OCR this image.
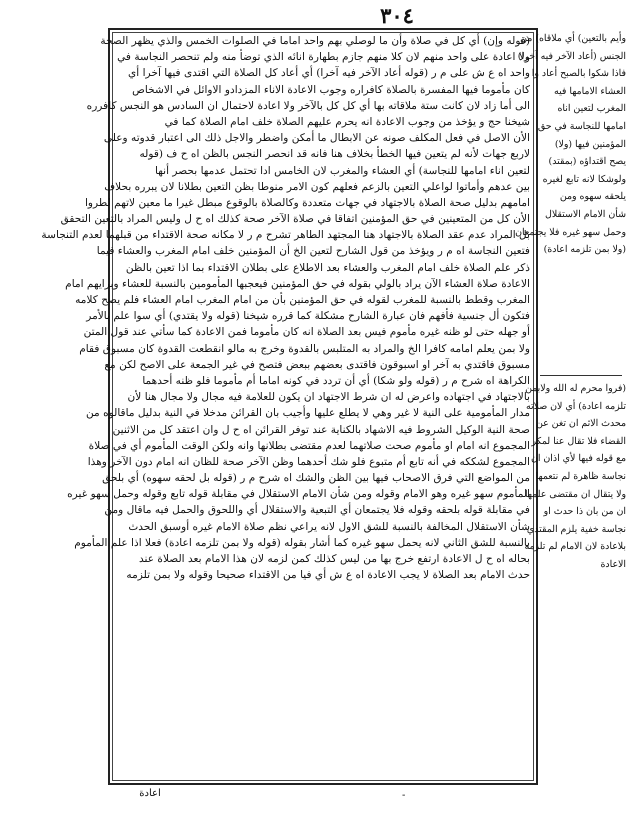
٣٠٤

(قوله وإن) أي كل في صلاة وأن ما لوصلي بهم واحد اماما في الصلوات الخمس والذي يظهر الصحة

ولا اعادة على واحد منهم لان كلا منهم جازم بطهارة انائه الذي توضأ منه ولم تنحصر النجاسة في

واحد اه ع ش على م ر (قوله أعاد الآخر فيه آخرا) أي أعاد كل الصلاة التي اقتدى فيها آخرا أي

كان مأموما فيها المفسرة بالصلاة كافراره وجوب الاعادة الاناء المزدادو الاوائل في الاشخاص

الى أما زاد لان كانت ستة ملاقاته بها أي كل كل بالآخر ولا اعادة لاحتمال ان السادس هو النجس كافرره

شيخنا حج و يؤخذ من وجوب الاعادة انه يحرم عليهم الصلاة خلف امام الصلاة كما في

الأن الاصل في فعل المكلف صونه عن الابطال ما أمكن واضطر والاجل ذلك الى اعتبار قدوته وعلى

لاربع جهات لأنه لم يتعين فيها الخطأ بخلاف هنا فانه قد انحصر النجس بالظن اه ح ف (قوله

لتعين اناء امامها للنجاسة) أي العشاء والمغرب لان الخامس ادا تحتمل عدمها بحصر أنها

بين عدهم وأماتوا لواعلي التعين بالزعم فعلهم كون الامر منوطا بظن التعين بطلانا لان يبرره بحلاف

امامهم بدليل صحة الصلاة بالاجتهاد في جهات متعددة وكالصلاة بالوقوع مبطل غيرا ما معين لاتهم لطروا

الأن كل من المتعينين في حق المؤمنين اتفاقا في صلاة الآخر صحة كذلك اه ح ل وليس المراد بالتعين التحقق

بل المراد عدم عقد الصلاة بالاجتهاد هنا المجتهد الطاهر تشرح م ر لا مكانه صحة الاقتداء من قبلهما لعدم التنجاسة

فتعين النجاسة اه م ر ويؤخذ من قول الشارح لتعين الخ أن المؤمنين خلف امام المغرب والعشاء فيما

ذكر علم الصلاة خلف امام المغرب والعشاء بعد الاطلاع على بطلان الاقتداء بما اذا تعين بالظن

الاعادة صلاة العشاء الآن يراد بالولي بقوله في حق المؤمنين فيعجبها المأمومين بالنسبة للعشاء وبرايهم امام

المغرب وقطط بالنسبة للمغرب لقوله في حق المؤمنين بأن من امام المغرب امام العشاء فلم يصح كلامه

فتكون أل جنسية فأفهم فان عبارة الشارح مشكلة كما قرره شيخنا (قوله ولا يقتدي) أي سوا علم بالأمر

أو جهله حتى لو ظنه غيره مأموم فيس بعد الصلاة انه كان مأموما فمن الاعادة كما سأتي عند قول المتن

ولا بمن يعلم امامه كافرا الخ والمراد به المتلبس بالقدوة وخرج به مالو انقطعت القدوة كان مسبوق فقام

مسبوق فاقتدي به آخر او اسبوقون فاقتدى بعضهم ببعض فتصح في غير الجمعة على الاصح لكن مع

الكراهة اه شرح م ر (قوله ولو شكا) أي أن تردد في كونه اماما أم مأموما فلو ظنه أحدهما

بالاجتهاد في اجتهاده واعرض له ان شرط الاجتهاد ان يكون للعلامة فيه مجال ولا مجال هنا لأن

مدار المأمومية على النية لا غير وهي لا يطلع عليها وأجيب بان القرائن مدخلا في النية بدليل ماقالوه من

صحة النية الوكيل الشروط فيه الاشهاد بالكناية عند توفر القرائن اه ح ل وان اعتقد كل من الاثنين

المجموع انه امام او مأموم صحت صلاتهما لعدم مقتضى بطلانها وانه ولكن الوقت المأموم أي في صلاة

المجموع لشككه في أنه تابع أم متبوع فلو شك أحدهما وظن الآخر صحة للظان انه امام دون الآخر وهذا

من المواضع التي فرق الاصحاب فيها بين الظن والشك اه شرح م ر (قوله بل لحقه سهوه) أي بلحق

المأموم سهو غيره وهو الامام وقوله ومن شأن الامام الاستقلال في مقابلة قوله تابع وقوله وحمل سهو غيره

في مقابلة قوله بلحقه وقوله فلا يجتمعان أي التبعية والاستقلال أي واللحوق والحمل فيه ماقال ومن

شأن الاستقلال المخالفة بالنسبة للشق الاول لانه يراعي نظم صلاة الامام غيره أوسبق الحدث

بالنسبة للشق الثاني لانه يحمل سهو غيره كما أشار بقوله (قوله ولا بمن تلزمه اعادة) فعلا اذا علم المأموم

بحاله اه ح ل الاعادة ارتفع خرج بها من ليس كذلك كمن لزمه لان هذا الامام بعد الصلاة عند

حدث الامام بعد الصلاة لا يجب الاعادة اه ع ش أي فيا من الاقتداء صحيحا وقوله ولا بمن تلزمه

وأيم بالتعين) أي ملاقاه) من

الجنس (أعاد الآخر فيه آخرا)

فاذا شكوا بالصبح أعاد وا

العشاء الامامها فيه

المغرب لتعين اناه

امامها للنجاسة في حق

المؤمنين فيها (ولا)

يصح اقتداؤه (بمقتد)

ولوشكا لانه تابع لغيره

يلحقه سهوه ومن

شأن الامام الاستقلال

وحمل سهو غيره فلا يجتمعان

(ولا بمن تلزمه اعادة)

(فروا محرم له الله ولابمن

تلزمه اعادة) أي لان صلاته

محدث الاثم ان تغن عن

القضاء فلا تقال عنا لمكر

مع قوله فيها لأي اذان ان

نجاسة ظاهرة لم نتعمها

ولا يتقال ان مقتضى علمها

ان من بان ذا حدث او

نجاسة خفية يلزم المقتدي

بلاعادة لان الامام لم تلزمه

الاعادة

اعادة	-
